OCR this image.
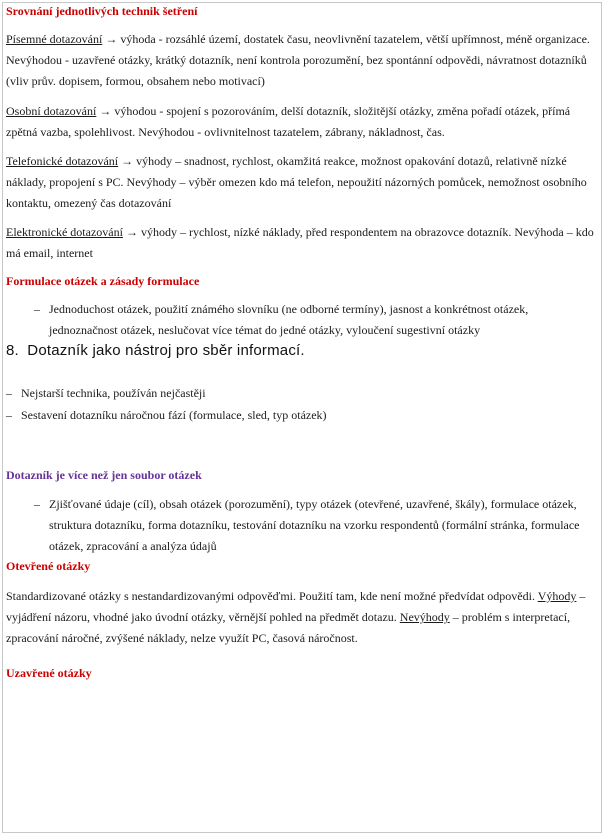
Srovnání jednotlivých technik šetření

Písemné dotazování → výhoda - rozsáhlé území, dostatek času, neovlivnění tazatelem, větší upřímnost, méně organizace. Nevýhodou - uzavřené otázky, krátký dotazník, není kontrola porozumění, bez spontánní odpovědi, návratnost dotazníků (vliv prův. dopisem, formou, obsahem nebo motivací)

Osobní dotazování → výhodou - spojení s pozorováním, delší dotazník, složitější otázky, změna pořadí otázek, přímá zpětná vazba, spolehlivost. Nevýhodou - ovlivnitelnost tazatelem, zábrany, nákladnost, čas.

Telefonické dotazování → výhody – snadnost, rychlost, okamžitá reakce, možnost opakování dotazů, relativně nízké náklady, propojení s PC. Nevýhody – výběr omezen kdo má telefon, nepoužití názorných pomůcek, nemožnost osobního kontaktu, omezený čas dotazování

Elektronické dotazování → výhody – rychlost, nízké náklady, před respondentem na obrazovce dotazník. Nevýhoda – kdo má email, internet

Formulace otázek a zásady formulace
– Jednoduchost otázek, použití známého slovníku (ne odborné termíny), jasnost a konkrétnost otázek, jednoznačnost otázek, neslučovat více témat do jedné otázky, vyloučení sugestivní otázky
8. Dotazník jako nástroj pro sběr informací.
– Nejstarší technika, používán nejčastěji
– Sestavení dotazníku náročnou fází (formulace, sled, typ otázek)
Dotazník je více než jen soubor otázek
– Zjišťované údaje (cíl), obsah otázek (porozumění), typy otázek (otevřené, uzavřené, škály), formulace otázek, struktura dotazníku, forma dotazníku, testování dotazníku na vzorku respondentů (formální stránka, formulace otázek, zpracování a analýza údajů
Otevřené otázky

Standardizované otázky s nestandardizovanými odpověďmi. Použití tam, kde není možné předvídat odpovědi. Výhody – vyjádření názoru, vhodné jako úvodní otázky, věrnější pohled na předmět dotazu. Nevýhody – problém s interpretací, zpracování náročné, zvýšené náklady, nelze využít PC, časová náročnost.

Uzavřené otázky
